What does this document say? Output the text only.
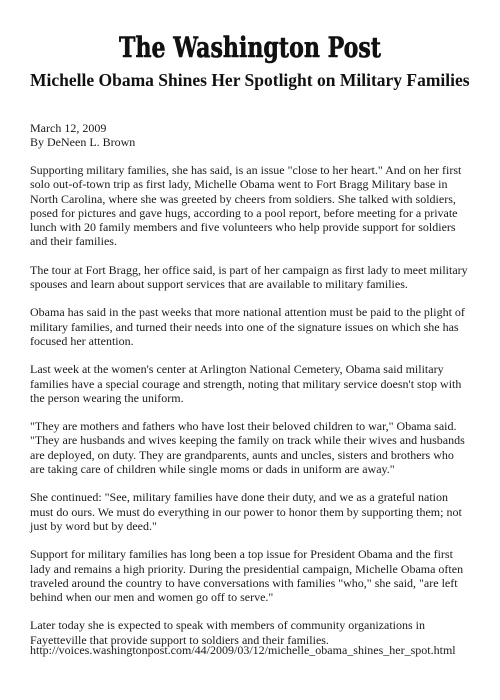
The Washington Post
Michelle Obama Shines Her Spotlight on Military Families
March 12, 2009
By DeNeen L. Brown

Supporting military families, she has said, is an issue "close to her heart." And on her first solo out-of-town trip as first lady, Michelle Obama went to Fort Bragg Military base in North Carolina, where she was greeted by cheers from soldiers. She talked with soldiers, posed for pictures and gave hugs, according to a pool report, before meeting for a private lunch with 20 family members and five volunteers who help provide support for soldiers and their families.

The tour at Fort Bragg, her office said, is part of her campaign as first lady to meet military spouses and learn about support services that are available to military families.

Obama has said in the past weeks that more national attention must be paid to the plight of military families, and turned their needs into one of the signature issues on which she has focused her attention.

Last week at the women's center at Arlington National Cemetery, Obama said military families have a special courage and strength, noting that military service doesn't stop with the person wearing the uniform.

"They are mothers and fathers who have lost their beloved children to war," Obama said. "They are husbands and wives keeping the family on track while their wives and husbands are deployed, on duty. They are grandparents, aunts and uncles, sisters and brothers who are taking care of children while single moms or dads in uniform are away."

She continued: "See, military families have done their duty, and we as a grateful nation must do ours. We must do everything in our power to honor them by supporting them; not just by word but by deed."

Support for military families has long been a top issue for President Obama and the first lady and remains a high priority. During the presidential campaign, Michelle Obama often traveled around the country to have conversations with families "who," she said, "are left behind when our men and women go off to serve."

Later today she is expected to speak with members of community organizations in Fayetteville that provide support to soldiers and their families.

http://voices.washingtonpost.com/44/2009/03/12/michelle_obama_shines_her_spot.html
